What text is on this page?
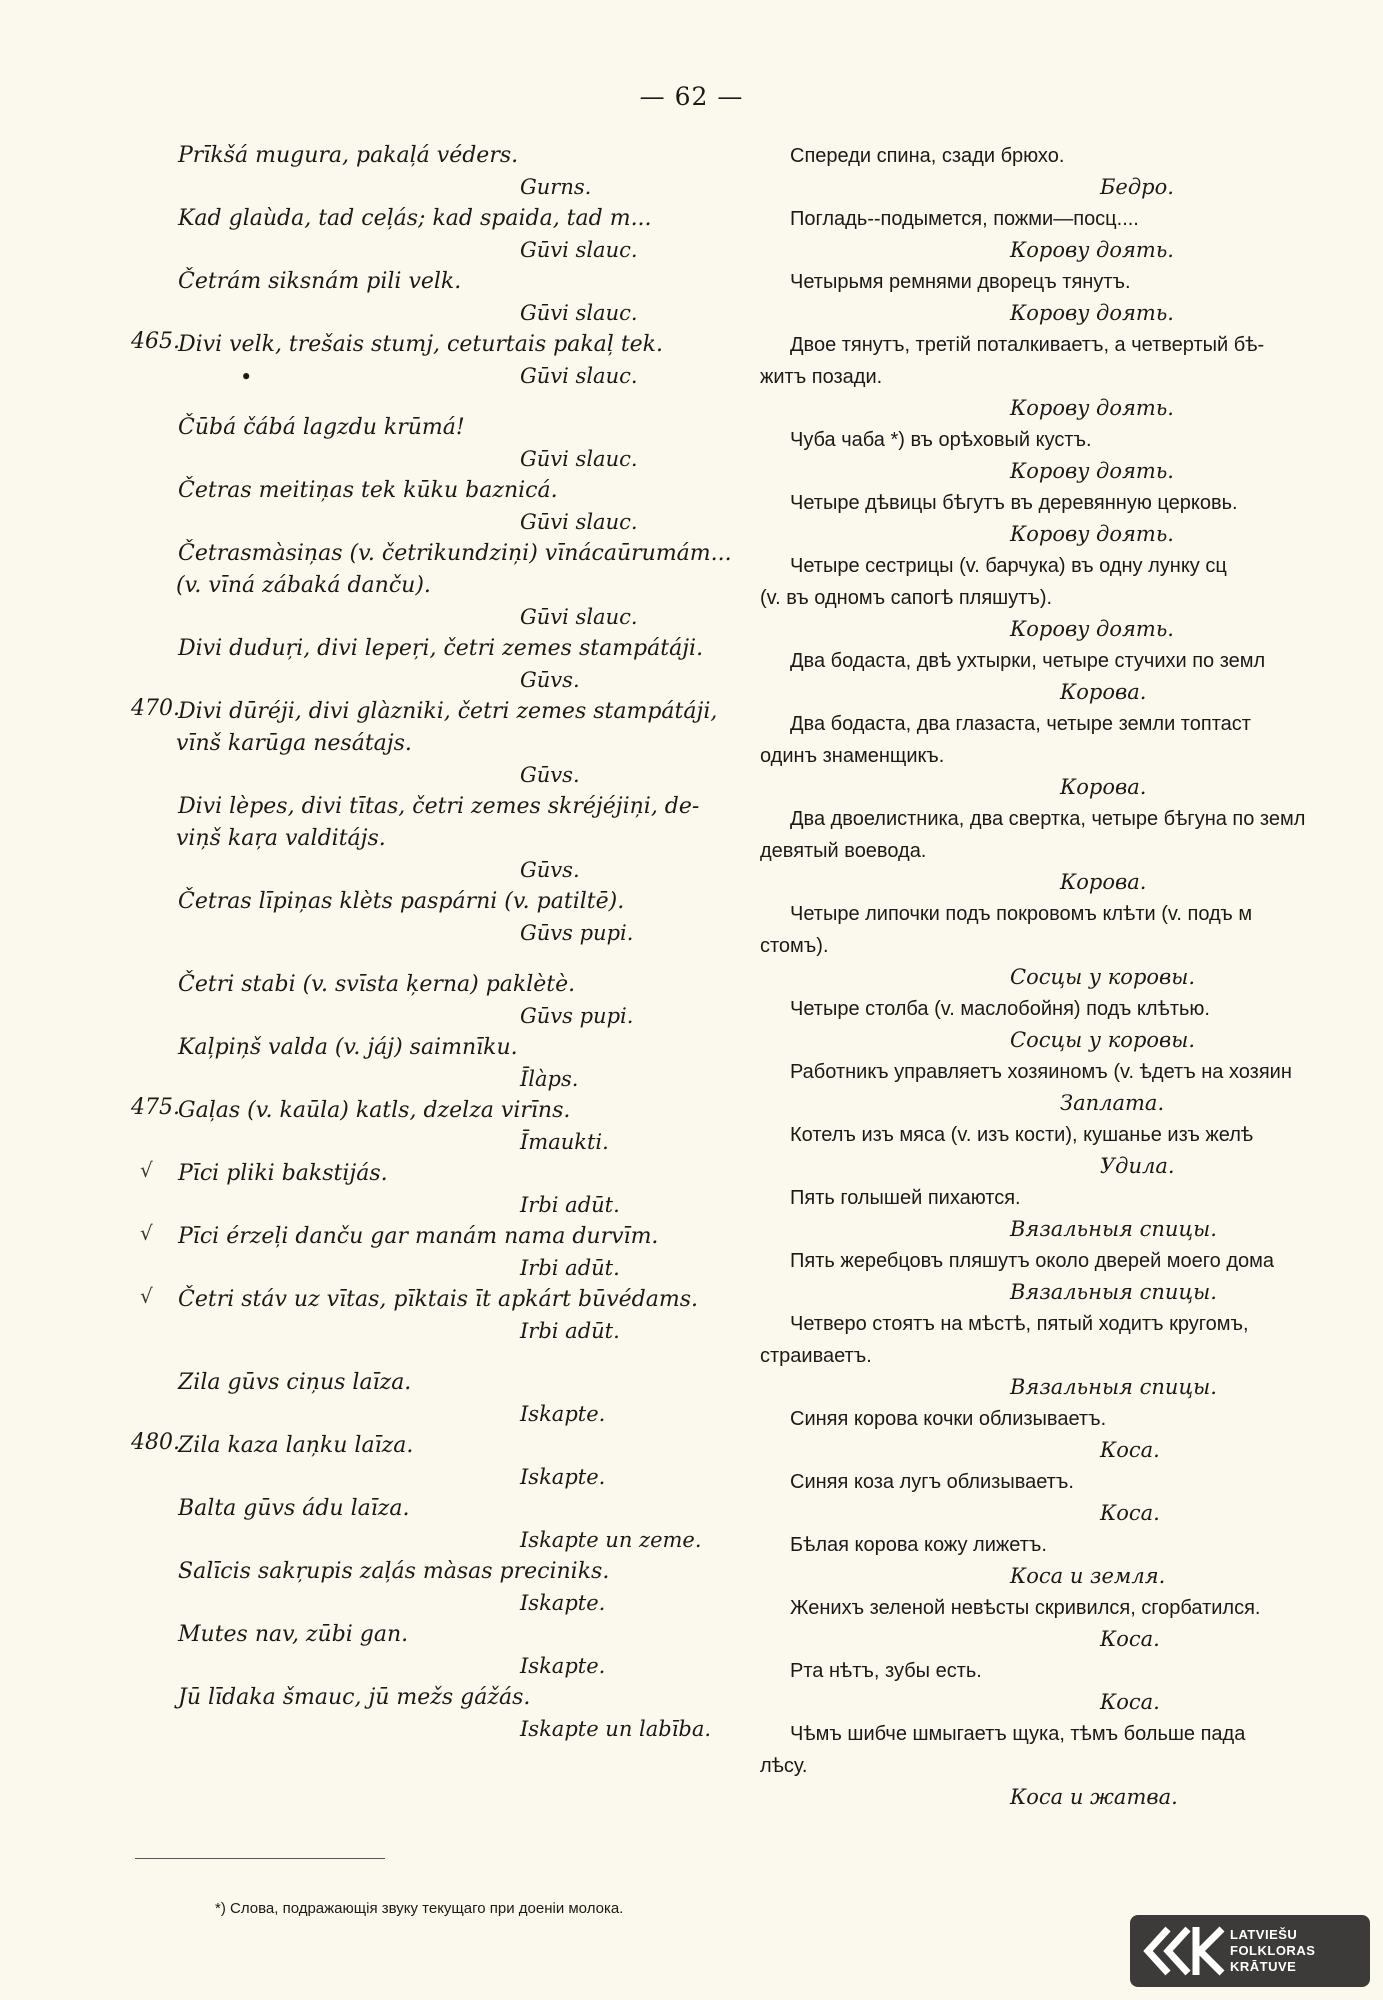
— 62 —
Prīkšá mugura, pakaļá véders.
Gurns.
Kad glaùda, tad ceļás; kad spaida, tad m...
Gūvi slauc.
Četrám siksnám pili velk.
Gūvi slauc.
465.
Divi velk, trešais stumj, ceturtais pakaļ tek.
Gūvi slauc.
•
Čūbá čábá lagzdu krūmá!
Gūvi slauc.
Četras meitiņas tek kūku baznicá.
Gūvi slauc.
Četrasmàsiņas (v. četrikundziņi) vīnácaūrumám...
(v. vīná zábaká danču).
Gūvi slauc.
Divi duduŗi, divi lepeŗi, četri zemes stampátáji.
Gūvs.
470.
Divi dūréji, divi glàzniki, četri zemes stampátáji,
vīnš karūga nesátajs.
Gūvs.
Divi lèpes, divi tītas, četri zemes skréjéjiņi, de-
viņš kaŗa valditájs.
Gūvs.
Četras līpiņas klèts paspárni (v. patiltē).
Gūvs pupi.
Četri stabi (v. svīsta ķerna) paklètè.
Gūvs pupi.
Kaļpiņš valda (v. jáj) saimnīku.
Īlàps.
475.
Gaļas (v. kaūla) katls, dzelza virīns.
Īmaukti.
√	Pīci pliki bakstijás.
Irbi adūt.
√	Pīci érzeļi danču gar manám nama durvīm.
Irbi adūt.
√	Četri stáv uz vītas, pīktais īt apkárt būvédams.
Irbi adūt.
Zila gūvs ciņus laīza.
Iskapte.
480.
Zila kaza laņku laīza.
Iskapte.
Balta gūvs ádu laīza.
Iskapte un zeme.
Salīcis sakŗupis zaļás màsas preciniks.
Iskapte.
Mutes nav, zūbi gan.
Iskapte.
Jū līdaka šmauc, jū mežs gážás.
Iskapte un labība.
Спереди спина, сзади брюхо.
Бедро.
Погладь--подымется, пожми—посц....
Корову доять.
Четырьмя ремнями дворецъ тянутъ.
Корову доять.
Двое тянутъ, третій поталкиваетъ, а четвертый бѣ-
житъ позади.
Корову доять.
Чуба чаба *) въ орѣховый кустъ.
Корову доять.
Четыре дѣвицы бѣгутъ въ деревянную церковь.
Корову доять.
Четыре сестрицы (v. барчука) въ одну лунку сц
(v. въ одномъ сапогѣ пляшутъ).
Корову доять.
Два бодаста, двѣ ухтырки, четыре стучихи по земл
Корова.
Два бодаста, два глазаста, четыре земли топтаст
одинъ знаменщикъ.
Корова.
Два двоелистника, два свертка, четыре бѣгуна по земл
девятый воевода.
Корова.
Четыре липочки подъ покровомъ клѣти (v. подъ м
стомъ).
Сосцы у коровы.
Четыре столба (v. маслобойня) подъ клѣтью.
Сосцы у коровы.
Работникъ управляетъ хозяиномъ (v. ѣдетъ на хозяин
Заплата.
Котелъ изъ мяса (v. изъ кости), кушанье изъ желѣ
Удила.
Пять голышей пихаются.
Вязальныя спицы.
Пять жеребцовъ пляшутъ около дверей моего дома
Вязальныя спицы.
Четверо стоятъ на мѣстѣ, пятый ходитъ кругомъ,
страиваетъ.
Вязальныя спицы.
Синяя корова кочки облизываетъ.
Коса.
Синяя коза лугъ облизываетъ.
Коса.
Бѣлая корова кожу лижетъ.
Коса и земля.
Женихъ зеленой невѣсты скривился, сгорбатился.
Коса.
Рта нѣтъ, зубы есть.
Коса.
Чѣмъ шибче шмыгаетъ щука, тѣмъ больше пада
лѣсу.
Коса и жатва.
*) Слова, подражающія звуку текущаго при доеніи молока.
LATVIEŠU
FOLKLORAS
KRĀTUVE
